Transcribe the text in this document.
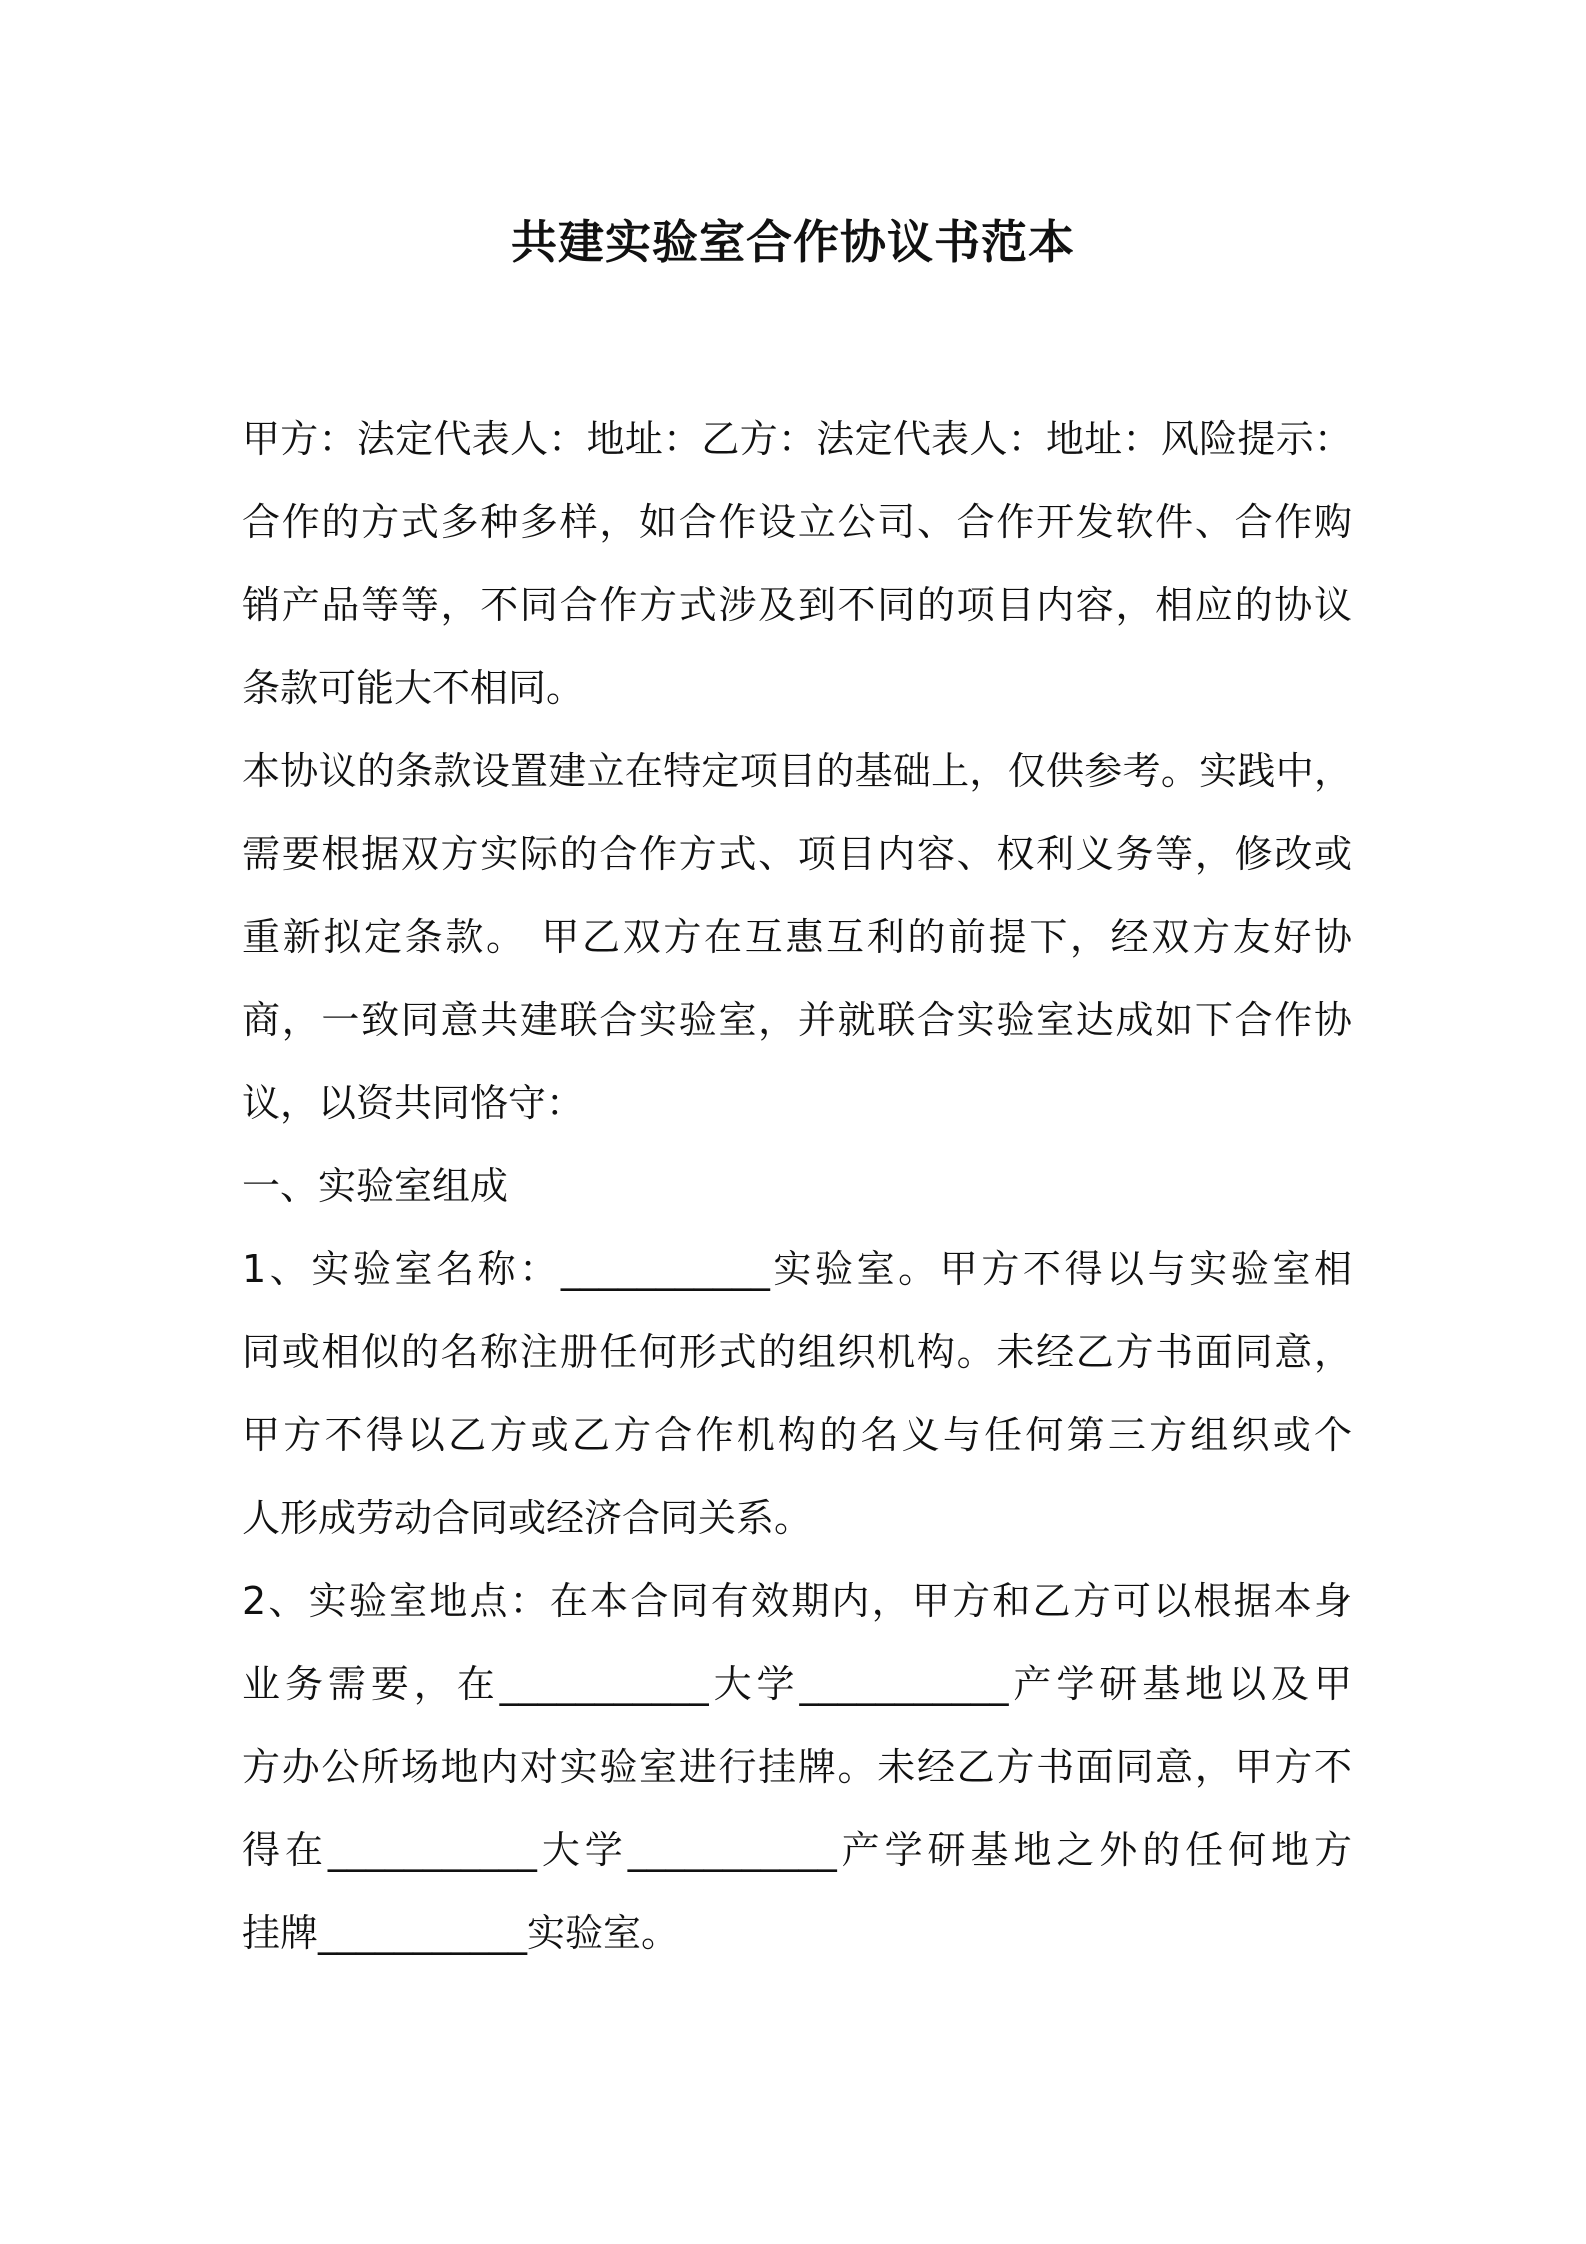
共建实验室合作协议书范本
甲方：法定代表人：地址：乙方：法定代表人：地址：风险提示：
合作的方式多种多样，如合作设立公司、合作开发软件、合作购
销产品等等，不同合作方式涉及到不同的项目内容，相应的协议
条款可能大不相同。
本协议的条款设置建立在特定项目的基础上，仅供参考。实践中，
需要根据双方实际的合作方式、项目内容、权利义务等，修改或
重新拟定条款。 甲乙双方在互惠互利的前提下，经双方友好协
商，一致同意共建联合实验室，并就联合实验室达成如下合作协
议，以资共同恪守：
一、实验室组成
1、实验室名称：___________实验室。甲方不得以与实验室相
同或相似的名称注册任何形式的组织机构。未经乙方书面同意，
甲方不得以乙方或乙方合作机构的名义与任何第三方组织或个
人形成劳动合同或经济合同关系。
2、实验室地点：在本合同有效期内，甲方和乙方可以根据本身
业务需要，在___________大学___________产学研基地以及甲
方办公所场地内对实验室进行挂牌。未经乙方书面同意，甲方不
得在___________大学___________产学研基地之外的任何地方
挂牌___________实验室。
